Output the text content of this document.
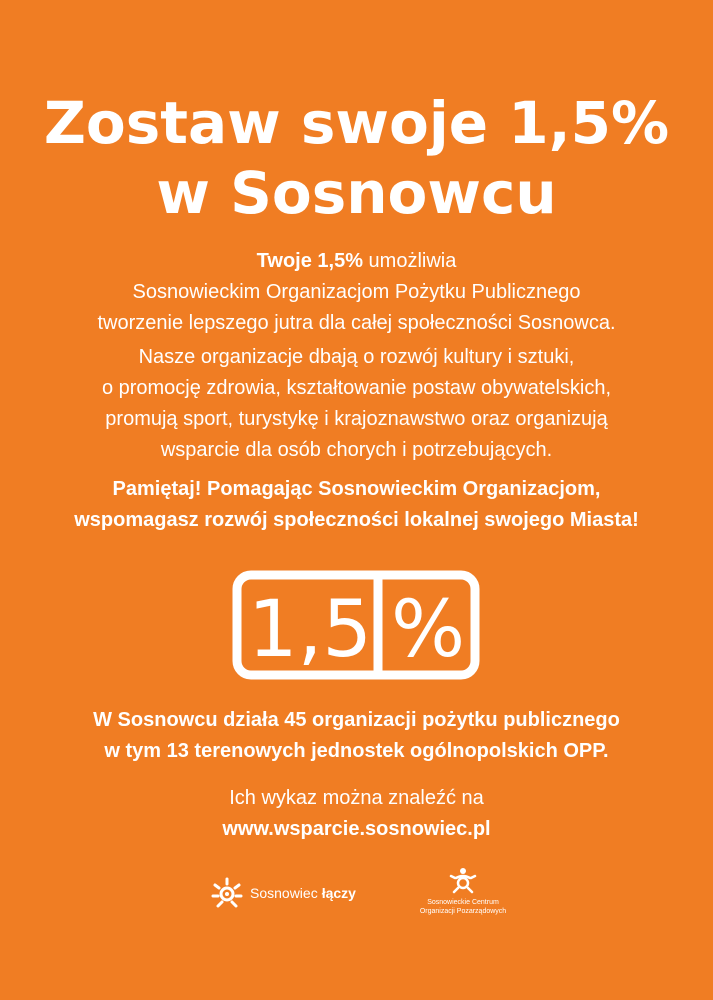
Zostaw swoje 1,5%
w Sosnowcu

Twoje 1,5% umożliwia
Sosnowieckim Organizacjom Pożytku Publicznego
tworzenie lepszego jutra dla całej społeczności Sosnowca.

Nasze organizacje dbają o rozwój kultury i sztuki,
o promocję zdrowia, kształtowanie postaw obywatelskich,
promują sport, turystykę i krajoznawstwo oraz organizują
wsparcie dla osób chorych i potrzebujących.

Pamiętaj! Pomagając Sosnowieckim Organizacjom,
wspomagasz rozwój społeczności lokalnej swojego Miasta!

1,5 %

W Sosnowcu działa 45 organizacji pożytku publicznego
w tym 13 terenowych jednostek ogólnopolskich OPP.

Ich wykaz można znaleźć na
www.wsparcie.sosnowiec.pl

Sosnowiec łączy
Sosnowieckie Centrum
Organizacji Pozarządowych
